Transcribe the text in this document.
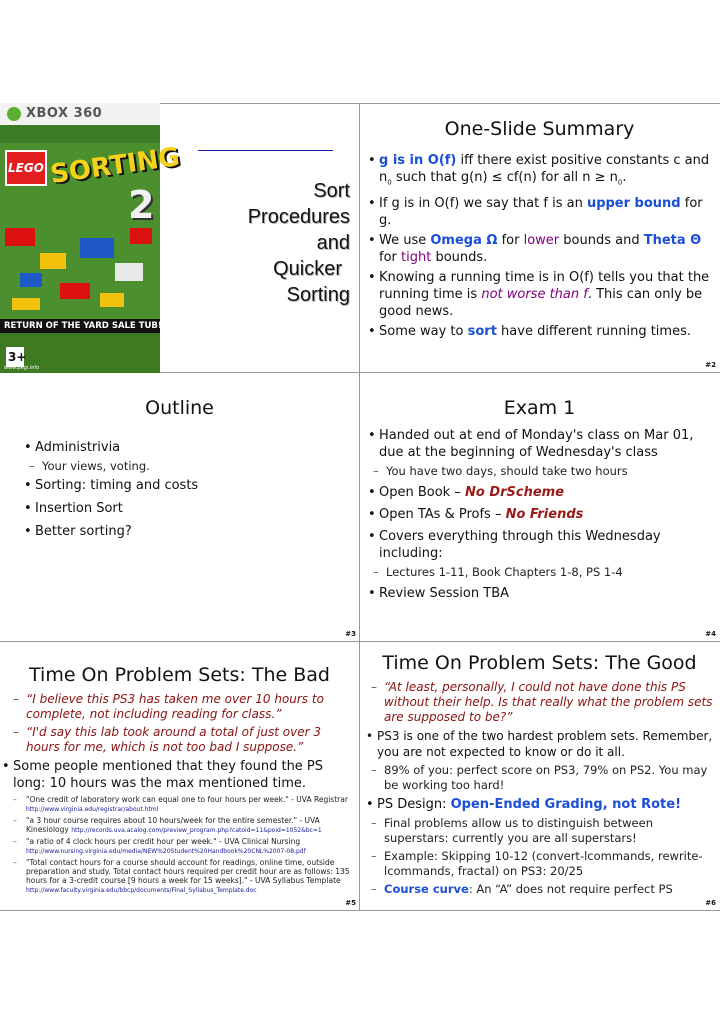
XBOX 360
LEGO SORTING
2
RETURN OF THE YARD SALE TUB!
3+
www.pegi.info
Sort
Procedures
and
Quicker
Sorting
One-Slide Summary
• g is in O(f) iff there exist positive constants c and $n_0$ such that g(n) ≤ cf(n) for all $n \ge n_0$.
• If g is in O(f) we say that f is an upper bound for g.
• We use Omega Ω for lower bounds and Theta Θ for tight bounds.
• Knowing a running time is in O(f) tells you that the running time is not worse than f. This can only be good news.
• Some way to sort have different running times.
#2
Outline
• Administrivia
– Your views, voting.
• Sorting: timing and costs
• Insertion Sort
• Better sorting?
#3
Exam 1
• Handed out at end of Monday's class on Mar 01, due at the beginning of Wednesday's class
– You have two days, should take two hours
• Open Book – No DrScheme
• Open TAs & Profs – No Friends
• Covers everything through this Wednesday including:
– Lectures 1-11, Book Chapters 1-8, PS 1-4
• Review Session TBA
#4
Time On Problem Sets: The Bad
– “I believe this PS3 has taken me over 10 hours to complete, not including reading for class.”
– “I'd say this lab took around a total of just over 3 hours for me, which is not too bad I suppose.”
• Some people mentioned that they found the PS long: 10 hours was the max mentioned time.
– "One credit of laboratory work can equal one to four hours per week." - UVA Registrar
http://www.virginia.edu/registrar/about.html
– "a 3 hour course requires about 10 hours/week for the entire semester." - UVA Kinesiology http://records.uva.acalog.com/preview_program.php?catoid=11&poid=1052&bc=1
– "a ratio of 4 clock hours per credit hour per week." - UVA Clinical Nursing
http://www.nursing.virginia.edu/media/NEW%20Student%20Handbook%20CNL%2007-08.pdf
– "Total contact hours for a course should account for readings, online time, outside preparation and study. Total contact hours required per credit hour are as follows: 135 hours for a 3-credit course [9 hours a week for 15 weeks]." - UVA Syllabus Template
http://www.faculty.virginia.edu/bbcp/documents/Final_Syllabus_Template.doc
#5
Time On Problem Sets: The Good
– “At least, personally, I could not have done this PS without their help. Is that really what the problem sets are supposed to be?”
• PS3 is one of the two hardest problem sets. Remember, you are not expected to know or do it all.
– 89% of you: perfect score on PS3, 79% on PS2. You may be working too hard!
• PS Design: Open-Ended Grading, not Rote!
– Final problems allow us to distinguish between superstars: currently you are all superstars!
– Example: Skipping 10-12 (convert-lcommands, rewrite-lcommands, fractal) on PS3: 20/25
– Course curve: An “A” does not require perfect PS
#6
